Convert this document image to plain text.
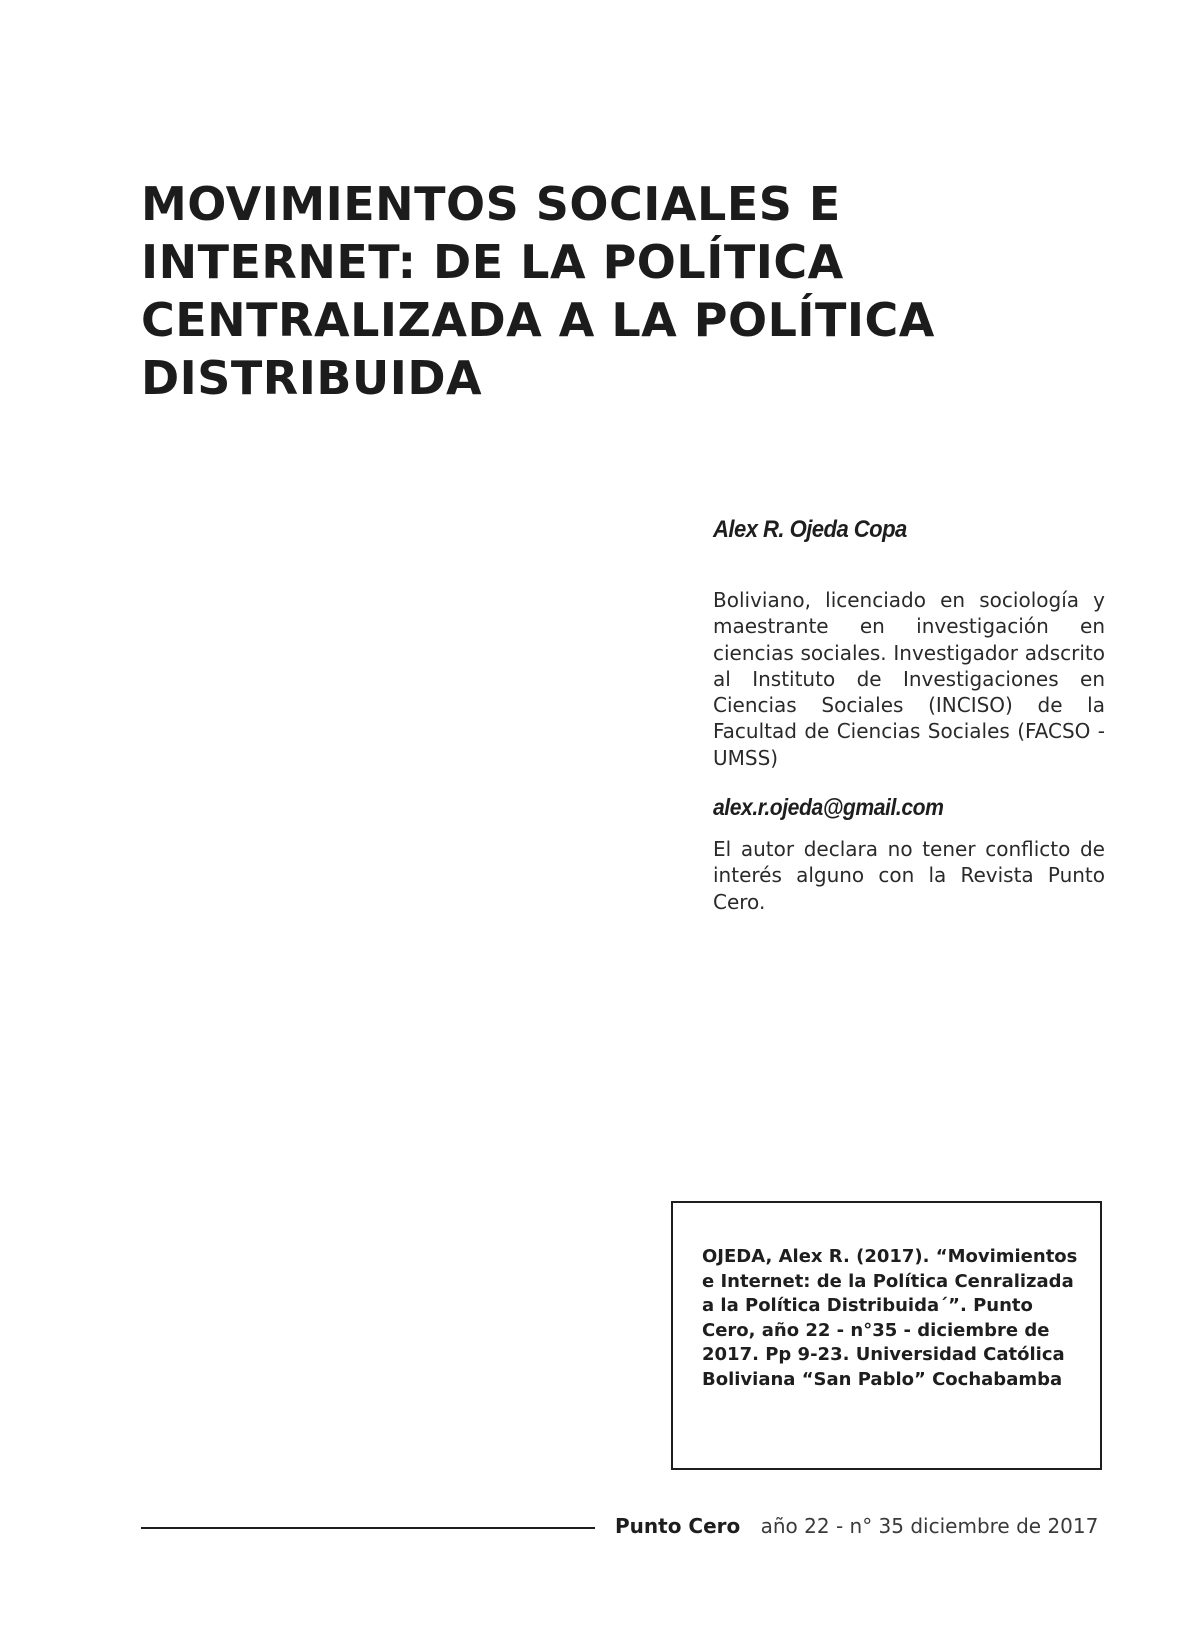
MOVIMIENTOS SOCIALES E
INTERNET: DE LA POLÍTICA
CENTRALIZADA A LA POLÍTICA
DISTRIBUIDA

Alex R. Ojeda Copa

Boliviano, licenciado en sociología y maestrante en investigación en ciencias sociales. Investigador adscrito al Instituto de Investigaciones en Ciencias Sociales (INCISO) de la Facultad de Ciencias Sociales (FACSO - UMSS)

alex.r.ojeda@gmail.com

El autor declara no tener conflicto de interés alguno con la Revista Punto Cero.

OJEDA, Alex R. (2017). “Movimientos e Internet: de la Política Cenralizada a la Política Distribuida´”. Punto Cero, año 22 - n°35 - diciembre de 2017. Pp 9-23. Universidad Católica Boliviana “San Pablo” Cochabamba

Punto Cero año 22 - n° 35 diciembre de 2017
